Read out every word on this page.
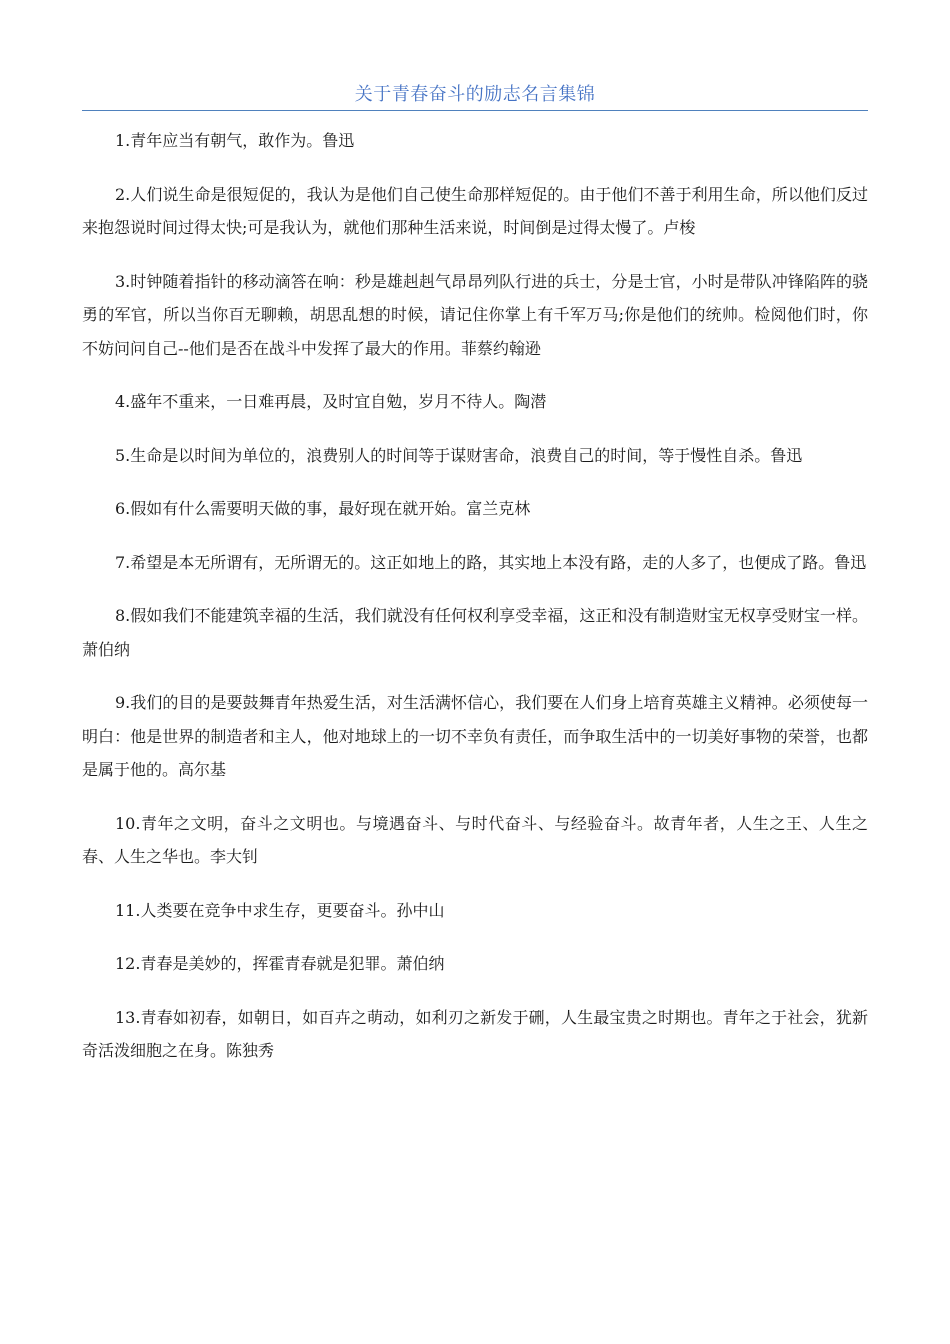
关于青春奋斗的励志名言集锦
1.青年应当有朝气，敢作为。鲁迅
2.人们说生命是很短促的，我认为是他们自己使生命那样短促的。由于他们不善于利用生命，所以他们反过来抱怨说时间过得太快;可是我认为，就他们那种生活来说，时间倒是过得太慢了。卢梭
3.时钟随着指针的移动滴答在响：秒是雄赳赳气昂昂列队行进的兵士，分是士官，小时是带队冲锋陷阵的骁勇的军官，所以当你百无聊赖，胡思乱想的时候，请记住你掌上有千军万马;你是他们的统帅。检阅他们时，你不妨问问自己--他们是否在战斗中发挥了最大的作用。菲蔡约翰逊
4.盛年不重来，一日难再晨，及时宜自勉，岁月不待人。陶潜
5.生命是以时间为单位的，浪费别人的时间等于谋财害命，浪费自己的时间，等于慢性自杀。鲁迅
6.假如有什么需要明天做的事，最好现在就开始。富兰克林
7.希望是本无所谓有，无所谓无的。这正如地上的路，其实地上本没有路，走的人多了，也便成了路。鲁迅
8.假如我们不能建筑幸福的生活，我们就没有任何权利享受幸福，这正和没有制造财宝无权享受财宝一样。萧伯纳
9.我们的目的是要鼓舞青年热爱生活，对生活满怀信心，我们要在人们身上培育英雄主义精神。必须使每一明白：他是世界的制造者和主人，他对地球上的一切不幸负有责任，而争取生活中的一切美好事物的荣誉，也都是属于他的。高尔基
10.青年之文明，奋斗之文明也。与境遇奋斗、与时代奋斗、与经验奋斗。故青年者，人生之王、人生之春、人生之华也。李大钊
11.人类要在竞争中求生存，更要奋斗。孙中山
12.青春是美妙的，挥霍青春就是犯罪。萧伯纳
13.青春如初春，如朝日，如百卉之萌动，如利刃之新发于硎，人生最宝贵之时期也。青年之于社会，犹新奇活泼细胞之在身。陈独秀
